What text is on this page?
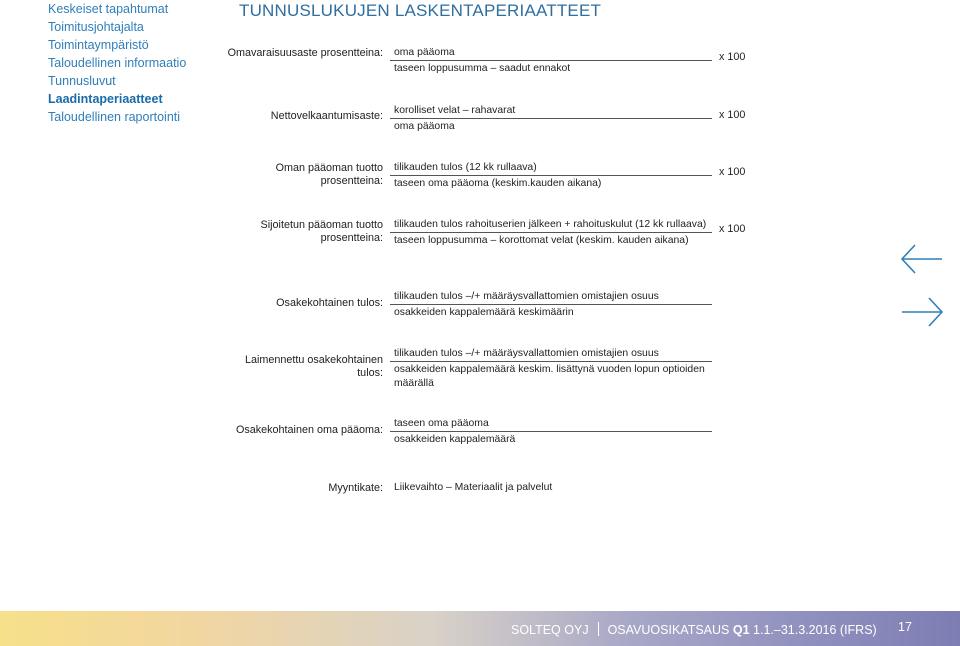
Keskeiset tapahtumat
Toimitusjohtajalta
Toimintaympäristö
Taloudellinen informaatio
Tunnusluvut
Laadintaperiaatteet
Taloudellinen raportointi
TUNNUSLUKUJEN LASKENTAPERIAATTEET
Omavaraisuusaste prosentteina: oma pääoma
taseen loppusumma – saadut ennakot
x 100
Nettovelkaantumisaste: korolliset velat – rahavarat
oma pääoma
x 100
Oman pääoman tuotto prosentteina:
tilikauden tulos (12 kk rullaava)
taseen oma pääoma (keskim.kauden aikana)
x 100
Sijoitetun pääoman tuotto prosentteina:
tilikauden tulos rahoituserien jälkeen + rahoituskulut (12 kk rullaava)
taseen loppusumma – korottomat velat (keskim. kauden aikana)
x 100
Osakekohtainen tulos:
tilikauden tulos –/+ määräysvallattomien omistajien osuus
osakkeiden kappalemäärä keskimäärin
Laimennettu osakekohtainen tulos:
tilikauden tulos –/+ määräysvallattomien omistajien osuus
osakkeiden kappalemäärä keskim. lisättynä vuoden lopun optioiden määrällä
Osakekohtainen oma pääoma:
taseen oma pääoma
osakkeiden kappalemäärä
Myyntikate: Liikevaihto – Materiaalit ja palvelut
SOLTEQ OYJ OSAVUOSIKATSAUS Q1 1.1.–31.3.2016 (IFRS) 17
